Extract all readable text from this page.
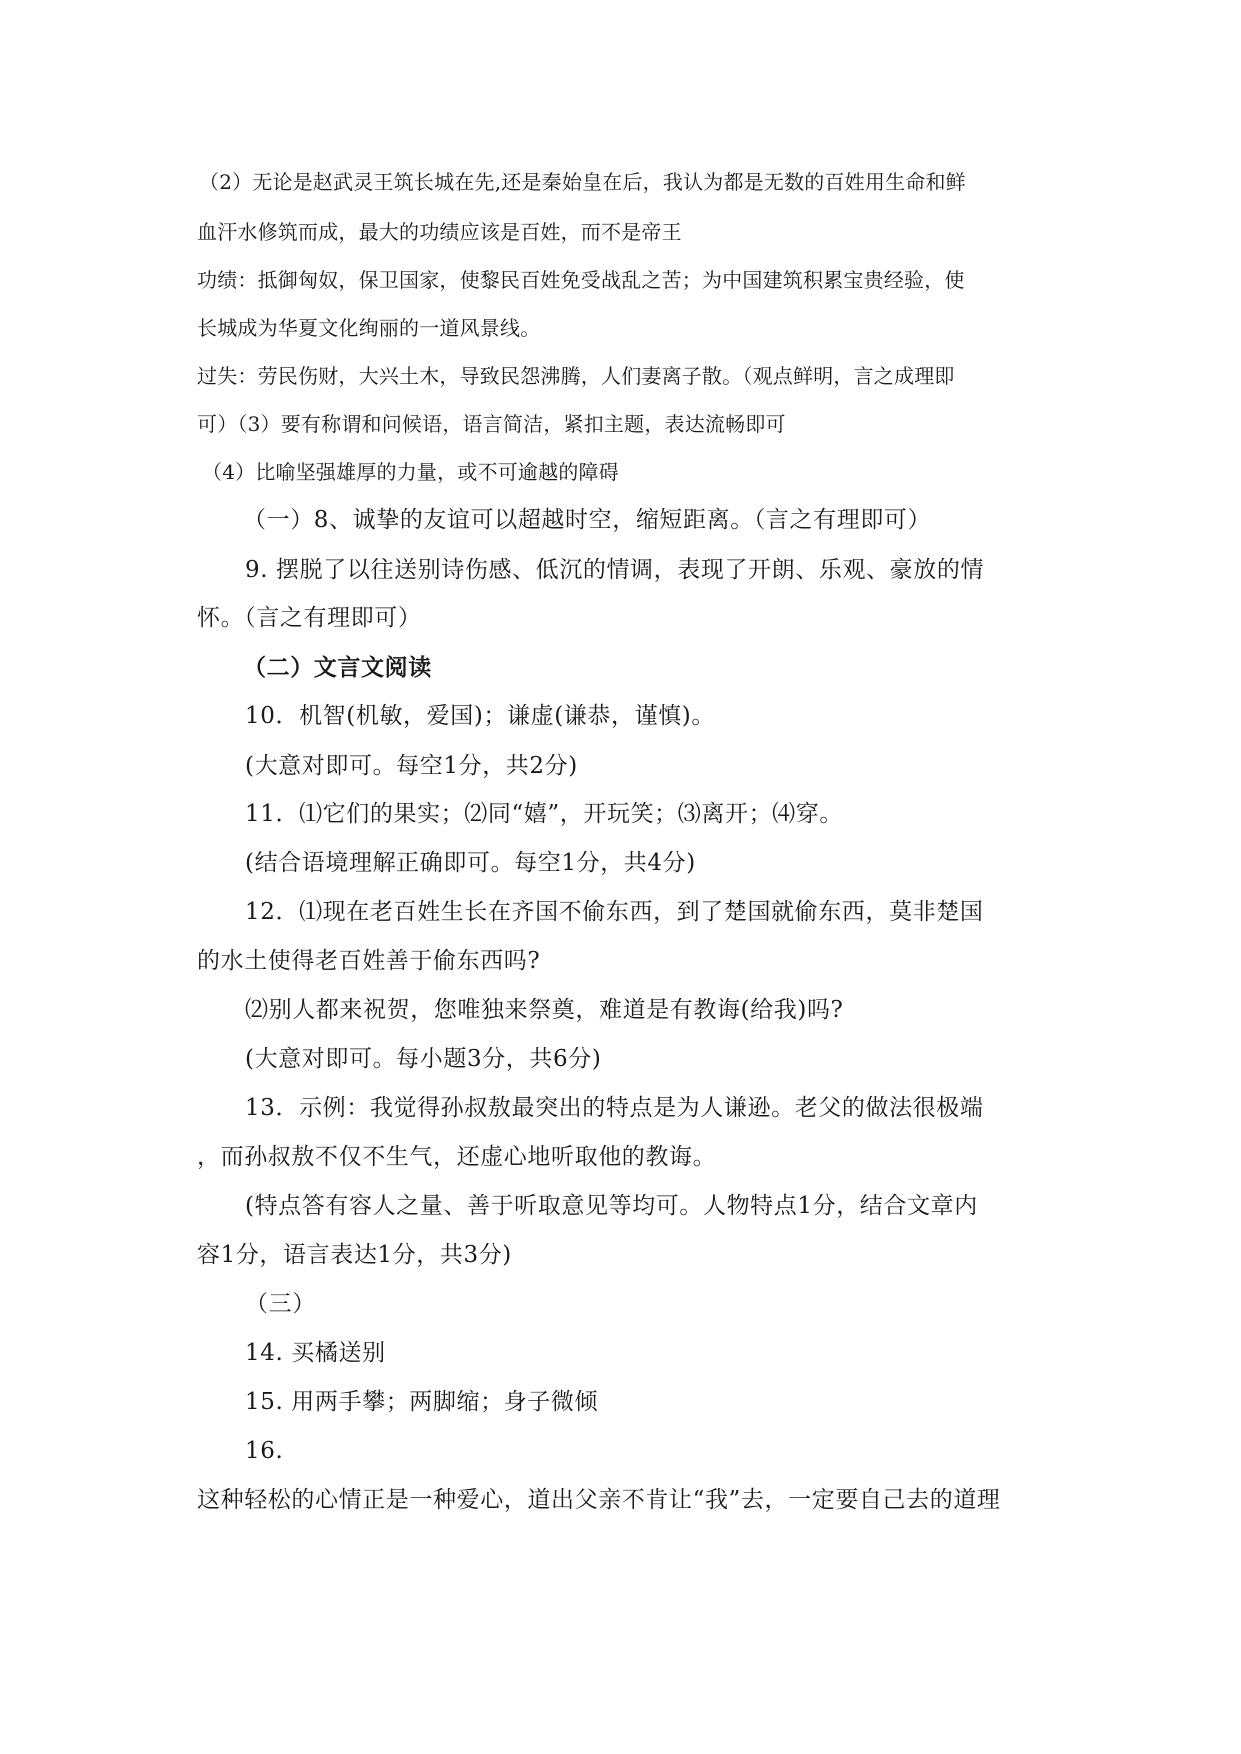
（2）无论是赵武灵王筑长城在先,还是秦始皇在后，我认为都是无数的百姓用生命和鲜
血汗水修筑而成，最大的功绩应该是百姓，而不是帝王
功绩：抵御匈奴，保卫国家，使黎民百姓免受战乱之苦；为中国建筑积累宝贵经验，使
长城成为华夏文化绚丽的一道风景线。
过失：劳民伤财，大兴土木，导致民怨沸腾，人们妻离子散。（观点鲜明，言之成理即
可）（3）要有称谓和问候语，语言简洁，紧扣主题，表达流畅即可
（4）比喻坚强雄厚的力量，或不可逾越的障碍
（一）8、诚挚的友谊可以超越时空，缩短距离。（言之有理即可）
9. 摆脱了以往送别诗伤感、低沉的情调，表现了开朗、乐观、豪放的情
怀。（言之有理即可）
（二）文言文阅读
10．机智(机敏，爱国)；谦虚(谦恭，谨慎)。
(大意对即可。每空1分，共2分)
11．⑴它们的果实；⑵同“嬉”，开玩笑；⑶离开；⑷穿。
(结合语境理解正确即可。每空1分，共4分)
12．⑴现在老百姓生长在齐国不偷东西，到了楚国就偷东西，莫非楚国
的水土使得老百姓善于偷东西吗?
⑵别人都来祝贺，您唯独来祭奠，难道是有教诲(给我)吗?
(大意对即可。每小题3分，共6分)
13．示例：我觉得孙叔敖最突出的特点是为人谦逊。老父的做法很极端
，而孙叔敖不仅不生气，还虚心地听取他的教诲。
(特点答有容人之量、善于听取意见等均可。人物特点1分，结合文章内
容1分，语言表达1分，共3分)
（三）
14. 买橘送别
15. 用两手攀；两脚缩；身子微倾
16.
这种轻松的心情正是一种爱心，道出父亲不肯让“我”去，一定要自己去的道理
